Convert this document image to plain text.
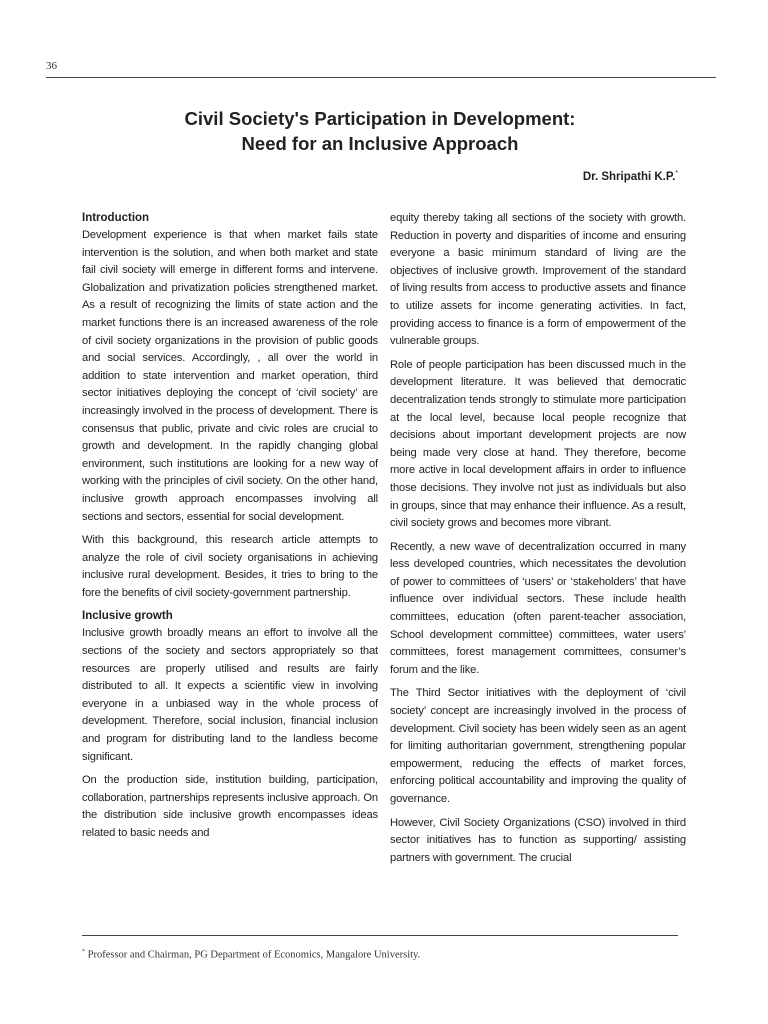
36
Civil Society's Participation in Development:
Need for an Inclusive Approach
Dr. Shripathi K.P.*
Introduction

Development experience is that when market fails state intervention is the solution, and when both market and state fail civil society will emerge in different forms and intervene. Globalization and privatization policies strengthened market. As a result of recognizing the limits of state action and the market functions there is an increased awareness of the role of civil society organizations in the provision of public goods and social services. Accordingly, , all over the world in addition to state intervention and market operation, third sector initiatives deploying the concept of ‘civil society’ are increasingly involved in the process of development. There is consensus that public, private and civic roles are crucial to growth and development. In the rapidly changing global environment, such institutions are looking for a new way of working with the principles of civil society. On the other hand, inclusive growth approach encompasses involving all sections and sectors, essential for social development.

With this background, this research article attempts to analyze the role of civil society organisations in achieving inclusive rural development. Besides, it tries to bring to the fore the benefits of civil society-government partnership.

Inclusive growth

Inclusive growth broadly means an effort to involve all the sections of the society and sectors appropriately so that resources are properly utilised and results are fairly distributed to all. It expects a scientific view in involving everyone in a unbiased way in the whole process of development. Therefore, social inclusion, financial inclusion and program for distributing land to the landless become significant.

On the production side, institution building, participation, collaboration, partnerships represents inclusive approach. On the distribution side inclusive growth encompasses ideas related to basic needs and

equity thereby taking all sections of the society with growth. Reduction in poverty and disparities of income and ensuring everyone a basic minimum standard of living are the objectives of inclusive growth. Improvement of the standard of living results from access to productive assets and finance to utilize assets for income generating activities. In fact, providing access to finance is a form of empowerment of the vulnerable groups.

Role of people participation has been discussed much in the development literature. It was believed that democratic decentralization tends strongly to stimulate more participation at the local level, because local people recognize that decisions about important development projects are now being made very close at hand. They therefore, become more active in local development affairs in order to influence those decisions. They involve not just as individuals but also in groups, since that may enhance their influence. As a result, civil society grows and becomes more vibrant.

Recently, a new wave of decentralization occurred in many less developed countries, which necessitates the devolution of power to committees of ‘users’ or ‘stakeholders’ that have influence over individual sectors. These include health committees, education (often parent-teacher association, School development committee) committees, water users’ committees, forest management committees, consumer’s forum and the like.

The Third Sector initiatives with the deployment of ‘civil society’ concept are increasingly involved in the process of development. Civil society has been widely seen as an agent for limiting authoritarian government, strengthening popular empowerment, reducing the effects of market forces, enforcing political accountability and improving the quality of governance.

However, Civil Society Organizations (CSO) involved in third sector initiatives has to function as supporting/ assisting partners with government. The crucial

* Professor and Chairman, PG Department of Economics, Mangalore University.
